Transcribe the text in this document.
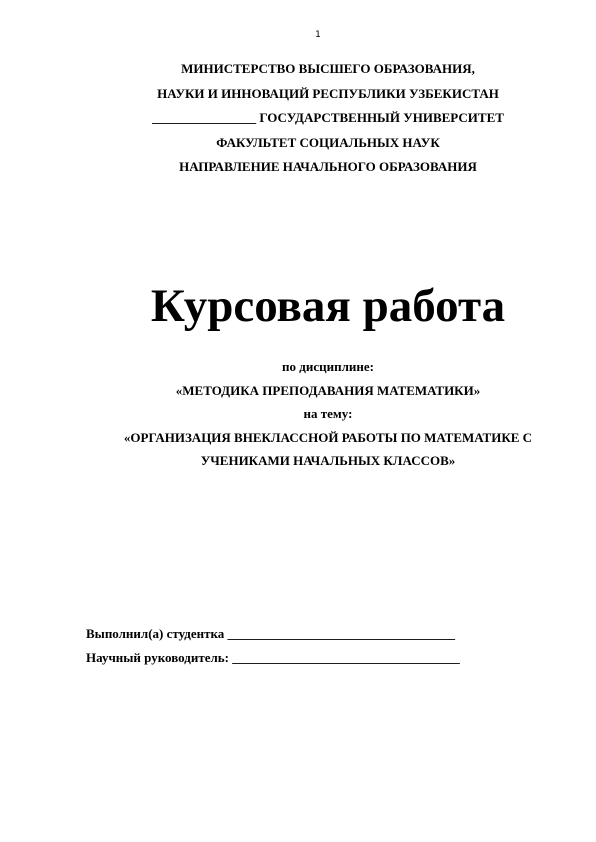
1
МИНИСТЕРСТВО ВЫСШЕГО ОБРАЗОВАНИЯ,
НАУКИ И ИННОВАЦИЙ РЕСПУБЛИКИ УЗБЕКИСТАН
________________ ГОСУДАРСТВЕННЫЙ УНИВЕРСИТЕТ
ФАКУЛЬТЕТ СОЦИАЛЬНЫХ НАУК
НАПРАВЛЕНИЕ НАЧАЛЬНОГО ОБРАЗОВАНИЯ
Курсовая работа
по дисциплине:
«МЕТОДИКА ПРЕПОДАВАНИЯ МАТЕМАТИКИ»
на тему:
«ОРГАНИЗАЦИЯ ВНЕКЛАССНОЙ РАБОТЫ ПО МАТЕМАТИКЕ С
УЧЕНИКАМИ НАЧАЛЬНЫХ КЛАССОВ»
Выполнил(а) студентка ___________________________________
Научный руководитель: ___________________________________
